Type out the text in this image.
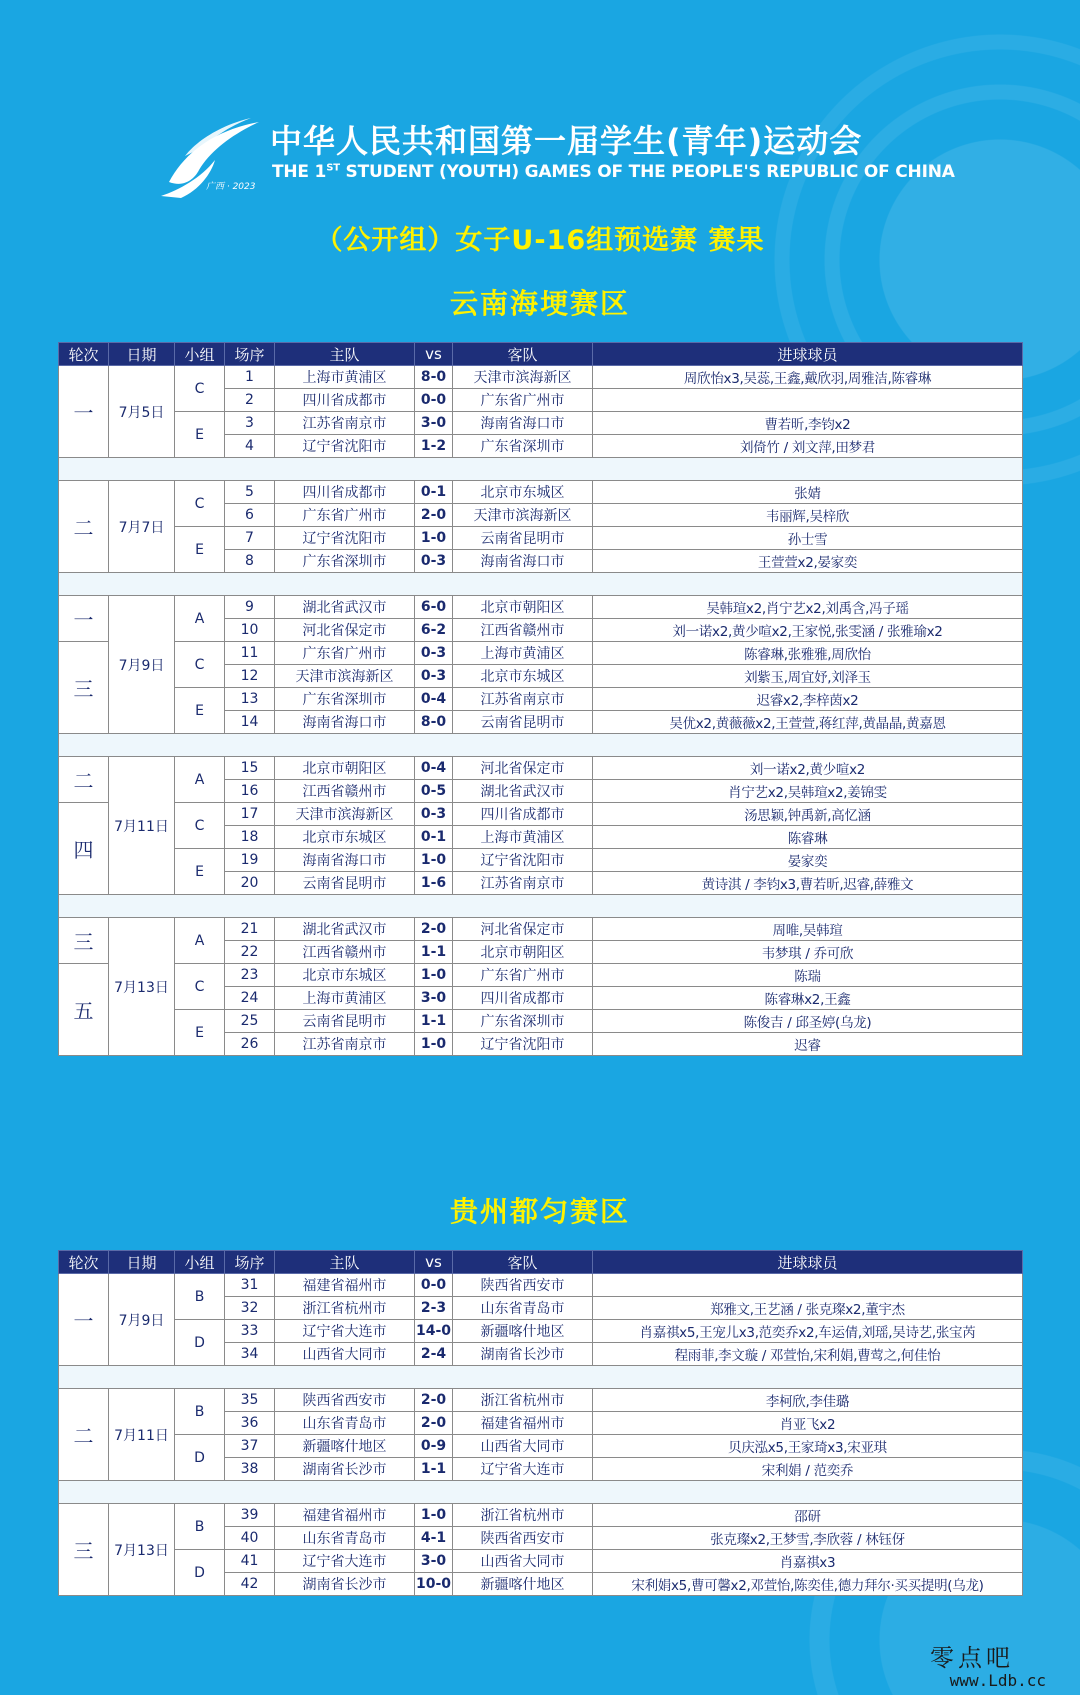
广西 · 2023
中华人民共和国第一届学生(青年)运动会
THE 1ST STUDENT (YOUTH) GAMES OF THE PEOPLE'S REPUBLIC OF CHINA
（公开组）女子U-16组预选赛 赛果
云南海埂赛区
轮次	日期	小组	场序	主队	vs	客队	进球球员
一	7月5日	C	1	上海市黄浦区	8-0	天津市滨海新区	周欣怡x3,吴蕊,王鑫,戴欣羽,周雅洁,陈睿琳
			2	四川省成都市	0-0	广东省广州市	
		E	3	江苏省南京市	3-0	海南省海口市	曹若昕,李钧x2
			4	辽宁省沈阳市	1-2	广东省深圳市	刘倚竹 / 刘文萍,田梦君

二	7月7日	C	5	四川省成都市	0-1	北京市东城区	张婧
			6	广东省广州市	2-0	天津市滨海新区	韦丽辉,吴梓欣
		E	7	辽宁省沈阳市	1-0	云南省昆明市	孙士雪
			8	广东省深圳市	0-3	海南省海口市	王萱萱x2,晏家奕

一	7月9日	A	9	湖北省武汉市	6-0	北京市朝阳区	吴韩瑄x2,肖宁艺x2,刘禹含,冯子瑶
			10	河北省保定市	6-2	江西省赣州市	刘一诺x2,黄少喧x2,王家悦,张雯涵 / 张雅瑜x2
三		C	11	广东省广州市	0-3	上海市黄浦区	陈睿琳,张雅雅,周欣怡
			12	天津市滨海新区	0-3	北京市东城区	刘紫玉,周宜妤,刘泽玉
		E	13	广东省深圳市	0-4	江苏省南京市	迟睿x2,李梓茵x2
			14	海南省海口市	8-0	云南省昆明市	吴优x2,黄薇薇x2,王萱萱,蒋红萍,黄晶晶,黄嘉恩

二	7月11日	A	15	北京市朝阳区	0-4	河北省保定市	刘一诺x2,黄少喧x2
			16	江西省赣州市	0-5	湖北省武汉市	肖宁艺x2,吴韩瑄x2,姜锦雯
四		C	17	天津市滨海新区	0-3	四川省成都市	汤思颖,钟禹新,高忆涵
			18	北京市东城区	0-1	上海市黄浦区	陈睿琳
		E	19	海南省海口市	1-0	辽宁省沈阳市	晏家奕
			20	云南省昆明市	1-6	江苏省南京市	黄诗淇 / 李钧x3,曹若昕,迟睿,薛雅文

三	7月13日	A	21	湖北省武汉市	2-0	河北省保定市	周唯,吴韩瑄
			22	江西省赣州市	1-1	北京市朝阳区	韦梦琪 / 乔可欣
五		C	23	北京市东城区	1-0	广东省广州市	陈瑞
			24	上海市黄浦区	3-0	四川省成都市	陈睿琳x2,王鑫
		E	25	云南省昆明市	1-1	广东省深圳市	陈俊吉 / 邱圣婷(乌龙)
			26	江苏省南京市	1-0	辽宁省沈阳市	迟睿
贵州都匀赛区
轮次	日期	小组	场序	主队	vs	客队	进球球员
一	7月9日	B	31	福建省福州市	0-0	陕西省西安市	
			32	浙江省杭州市	2-3	山东省青岛市	郑雅文,王艺涵 / 张克璨x2,董宇杰
		D	33	辽宁省大连市	14-0	新疆喀什地区	肖嘉祺x5,王宠儿x3,范奕乔x2,车运倩,刘瑶,吴诗艺,张宝芮
			34	山西省大同市	2-4	湖南省长沙市	程雨菲,李文璇 / 邓萱怡,宋利娟,曹莺之,何佳怡

二	7月11日	B	35	陕西省西安市	2-0	浙江省杭州市	李柯欣,李佳璐
			36	山东省青岛市	2-0	福建省福州市	肖亚飞x2
		D	37	新疆喀什地区	0-9	山西省大同市	贝庆泓x5,王家琦x3,宋亚琪
			38	湖南省长沙市	1-1	辽宁省大连市	宋利娟 / 范奕乔

三	7月13日	B	39	福建省福州市	1-0	浙江省杭州市	邵研
			40	山东省青岛市	4-1	陕西省西安市	张克璨x2,王梦雪,李欣蓉 / 林钰伢
		D	41	辽宁省大连市	3-0	山西省大同市	肖嘉祺x3
			42	湖南省长沙市	10-0	新疆喀什地区	宋利娟x5,曹可馨x2,邓萱怡,陈奕佳,德力拜尔·买买提明(乌龙)
零点吧
www.Ldb.cc
